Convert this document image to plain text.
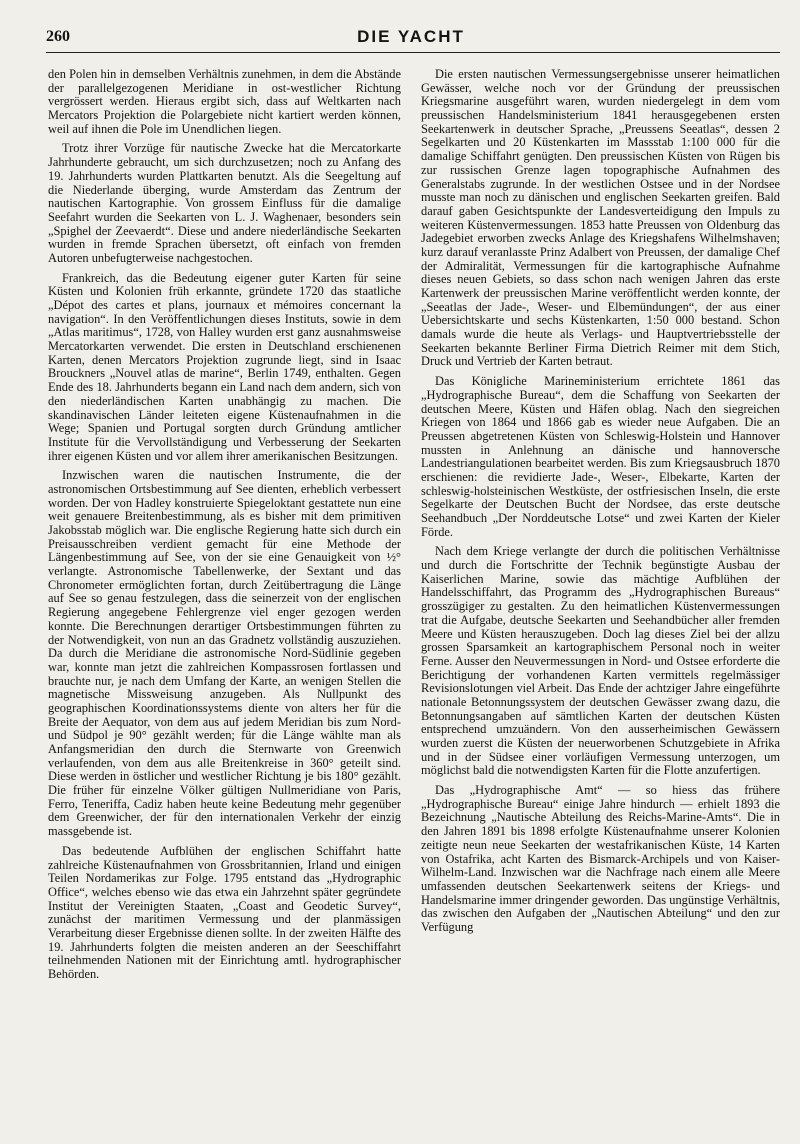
260	DIE YACHT

den Polen hin in demselben Verhältnis zunehmen, in dem die Abstände der parallelgezogenen Meridiane in ost-westlicher Richtung vergrössert werden. Hieraus ergibt sich, dass auf Weltkarten nach Mercators Projektion die Polargebiete nicht kartiert werden können, weil auf ihnen die Pole im Unendlichen liegen.

Trotz ihrer Vorzüge für nautische Zwecke hat die Mercatorkarte Jahrhunderte gebraucht, um sich durchzusetzen; noch zu Anfang des 19. Jahrhunderts wurden Plattkarten benutzt. Als die Seegeltung auf die Niederlande überging, wurde Amsterdam das Zentrum der nautischen Kartographie. Von grossem Einfluss für die damalige Seefahrt wurden die Seekarten von L. J. Waghenaer, besonders sein „Spighel der Zeevaerdt“. Diese und andere niederländische Seekarten wurden in fremde Sprachen übersetzt, oft einfach von fremden Autoren unbefugterweise nachgestochen.

Frankreich, das die Bedeutung eigener guter Karten für seine Küsten und Kolonien früh erkannte, gründete 1720 das staatliche „Dépot des cartes et plans, journaux et mémoires concernant la navigation“. In den Veröffentlichungen dieses Instituts, sowie in dem „Atlas maritimus“, 1728, von Halley wurden erst ganz ausnahmsweise Mercatorkarten verwendet. Die ersten in Deutschland erschienenen Karten, denen Mercators Projektion zugrunde liegt, sind in Isaac Brouckners „Nouvel atlas de marine“, Berlin 1749, enthalten. Gegen Ende des 18. Jahrhunderts begann ein Land nach dem andern, sich von den niederländischen Karten unabhängig zu machen. Die skandinavischen Länder leiteten eigene Küstenaufnahmen in die Wege; Spanien und Portugal sorgten durch Gründung amtlicher Institute für die Vervollständigung und Verbesserung der Seekarten ihrer eigenen Küsten und vor allem ihrer amerikanischen Besitzungen.

Inzwischen waren die nautischen Instrumente, die der astronomischen Ortsbestimmung auf See dienten, erheblich verbessert worden. Der von Hadley konstruierte Spiegeloktant gestattete nun eine weit genauere Breitenbestimmung, als es bisher mit dem primitiven Jakobsstab möglich war. Die englische Regierung hatte sich durch ein Preisausschreiben verdient gemacht für eine Methode der Längenbestimmung auf See, von der sie eine Genauigkeit von ½° verlangte. Astronomische Tabellenwerke, der Sextant und das Chronometer ermöglichten fortan, durch Zeitübertragung die Länge auf See so genau festzulegen, dass die seinerzeit von der englischen Regierung angegebene Fehlergrenze viel enger gezogen werden konnte. Die Berechnungen derartiger Ortsbestimmungen führten zu der Notwendigkeit, von nun an das Gradnetz vollständig auszuziehen. Da durch die Meridiane die astronomische Nord-Südlinie gegeben war, konnte man jetzt die zahlreichen Kompassrosen fortlassen und brauchte nur, je nach dem Umfang der Karte, an wenigen Stellen die magnetische Missweisung anzugeben. Als Nullpunkt des geographischen Koordinationssystems diente von alters her für die Breite der Aequator, von dem aus auf jedem Meridian bis zum Nord- und Südpol je 90° gezählt werden; für die Länge wählte man als Anfangsmeridian den durch die Sternwarte von Greenwich verlaufenden, von dem aus alle Breitenkreise in 360° geteilt sind. Diese werden in östlicher und westlicher Richtung je bis 180° gezählt. Die früher für einzelne Völker gültigen Nullmeridiane von Paris, Ferro, Teneriffa, Cadiz haben heute keine Bedeutung mehr gegenüber dem Greenwicher, der für den internationalen Verkehr der einzig massgebende ist.

Das bedeutende Aufblühen der englischen Schiffahrt hatte zahlreiche Küstenaufnahmen von Grossbritannien, Irland und einigen Teilen Nordamerikas zur Folge. 1795 entstand das „Hydrographic Office“, welches ebenso wie das etwa ein Jahrzehnt später gegründete Institut der Vereinigten Staaten, „Coast and Geodetic Survey“, zunächst der maritimen Vermessung und der planmässigen Verarbeitung dieser Ergebnisse dienen sollte. In der zweiten Hälfte des 19. Jahrhunderts folgten die meisten anderen an der Seeschiffahrt teilnehmenden Nationen mit der Einrichtung amtl. hydrographischer Behörden.

Die ersten nautischen Vermessungsergebnisse unserer heimatlichen Gewässer, welche noch vor der Gründung der preussischen Kriegsmarine ausgeführt waren, wurden niedergelegt in dem vom preussischen Handelsministerium 1841 herausgegebenen ersten Seekartenwerk in deutscher Sprache, „Preussens Seeatlas“, dessen 2 Segelkarten und 20 Küstenkarten im Massstab 1:100 000 für die damalige Schiffahrt genügten. Den preussischen Küsten von Rügen bis zur russischen Grenze lagen topographische Aufnahmen des Generalstabs zugrunde. In der westlichen Ostsee und in der Nordsee musste man noch zu dänischen und englischen Seekarten greifen. Bald darauf gaben Gesichtspunkte der Landesverteidigung den Impuls zu weiteren Küstenvermessungen. 1853 hatte Preussen von Oldenburg das Jadegebiet erworben zwecks Anlage des Kriegshafens Wilhelmshaven; kurz darauf veranlasste Prinz Adalbert von Preussen, der damalige Chef der Admiralität, Vermessungen für die kartographische Aufnahme dieses neuen Gebiets, so dass schon nach wenigen Jahren das erste Kartenwerk der preussischen Marine veröffentlicht werden konnte, der „Seeatlas der Jade-, Weser- und Elbemündungen“, der aus einer Uebersichtskarte und sechs Küstenkarten, 1:50 000 bestand. Schon damals wurde die heute als Verlags- und Hauptvertriebsstelle der Seekarten bekannte Berliner Firma Dietrich Reimer mit dem Stich, Druck und Vertrieb der Karten betraut.

Das Königliche Marineministerium errichtete 1861 das „Hydrographische Bureau“, dem die Schaffung von Seekarten der deutschen Meere, Küsten und Häfen oblag. Nach den siegreichen Kriegen von 1864 und 1866 gab es wieder neue Aufgaben. Die an Preussen abgetretenen Küsten von Schleswig-Holstein und Hannover mussten in Anlehnung an dänische und hannoversche Landestriangulationen bearbeitet werden. Bis zum Kriegsausbruch 1870 erschienen: die revidierte Jade-, Weser-, Elbekarte, Karten der schleswig-holsteinischen Westküste, der ostfriesischen Inseln, die erste Segelkarte der Deutschen Bucht der Nordsee, das erste deutsche Seehandbuch „Der Norddeutsche Lotse“ und zwei Karten der Kieler Förde.

Nach dem Kriege verlangte der durch die politischen Verhältnisse und durch die Fortschritte der Technik begünstigte Ausbau der Kaiserlichen Marine, sowie das mächtige Aufblühen der Handelsschiffahrt, das Programm des „Hydrographischen Bureaus“ grosszügiger zu gestalten. Zu den heimatlichen Küstenvermessungen trat die Aufgabe, deutsche Seekarten und Seehandbücher aller fremden Meere und Küsten herauszugeben. Doch lag dieses Ziel bei der allzu grossen Sparsamkeit an kartographischem Personal noch in weiter Ferne. Ausser den Neuvermessungen in Nord- und Ostsee erforderte die Berichtigung der vorhandenen Karten vermittels regelmässiger Revisionslotungen viel Arbeit. Das Ende der achtziger Jahre eingeführte nationale Betonnungssystem der deutschen Gewässer zwang dazu, die Betonnungsangaben auf sämtlichen Karten der deutschen Küsten entsprechend umzuändern. Von den ausserheimischen Gewässern wurden zuerst die Küsten der neuerworbenen Schutzgebiete in Afrika und in der Südsee einer vorläufigen Vermessung unterzogen, um möglichst bald die notwendigsten Karten für die Flotte anzufertigen.

Das „Hydrographische Amt“ — so hiess das frühere „Hydrographische Bureau“ einige Jahre hindurch — erhielt 1893 die Bezeichnung „Nautische Abteilung des Reichs-Marine-Amts“. Die in den Jahren 1891 bis 1898 erfolgte Küstenaufnahme unserer Kolonien zeitigte neun neue Seekarten der westafrikanischen Küste, 14 Karten von Ostafrika, acht Karten des Bismarck-Archipels und von Kaiser-Wilhelm-Land. Inzwischen war die Nachfrage nach einem alle Meere umfassenden deutschen Seekartenwerk seitens der Kriegs- und Handelsmarine immer dringender geworden. Das ungünstige Verhältnis, das zwischen den Aufgaben der „Nautischen Abteilung“ und den zur Verfügung
